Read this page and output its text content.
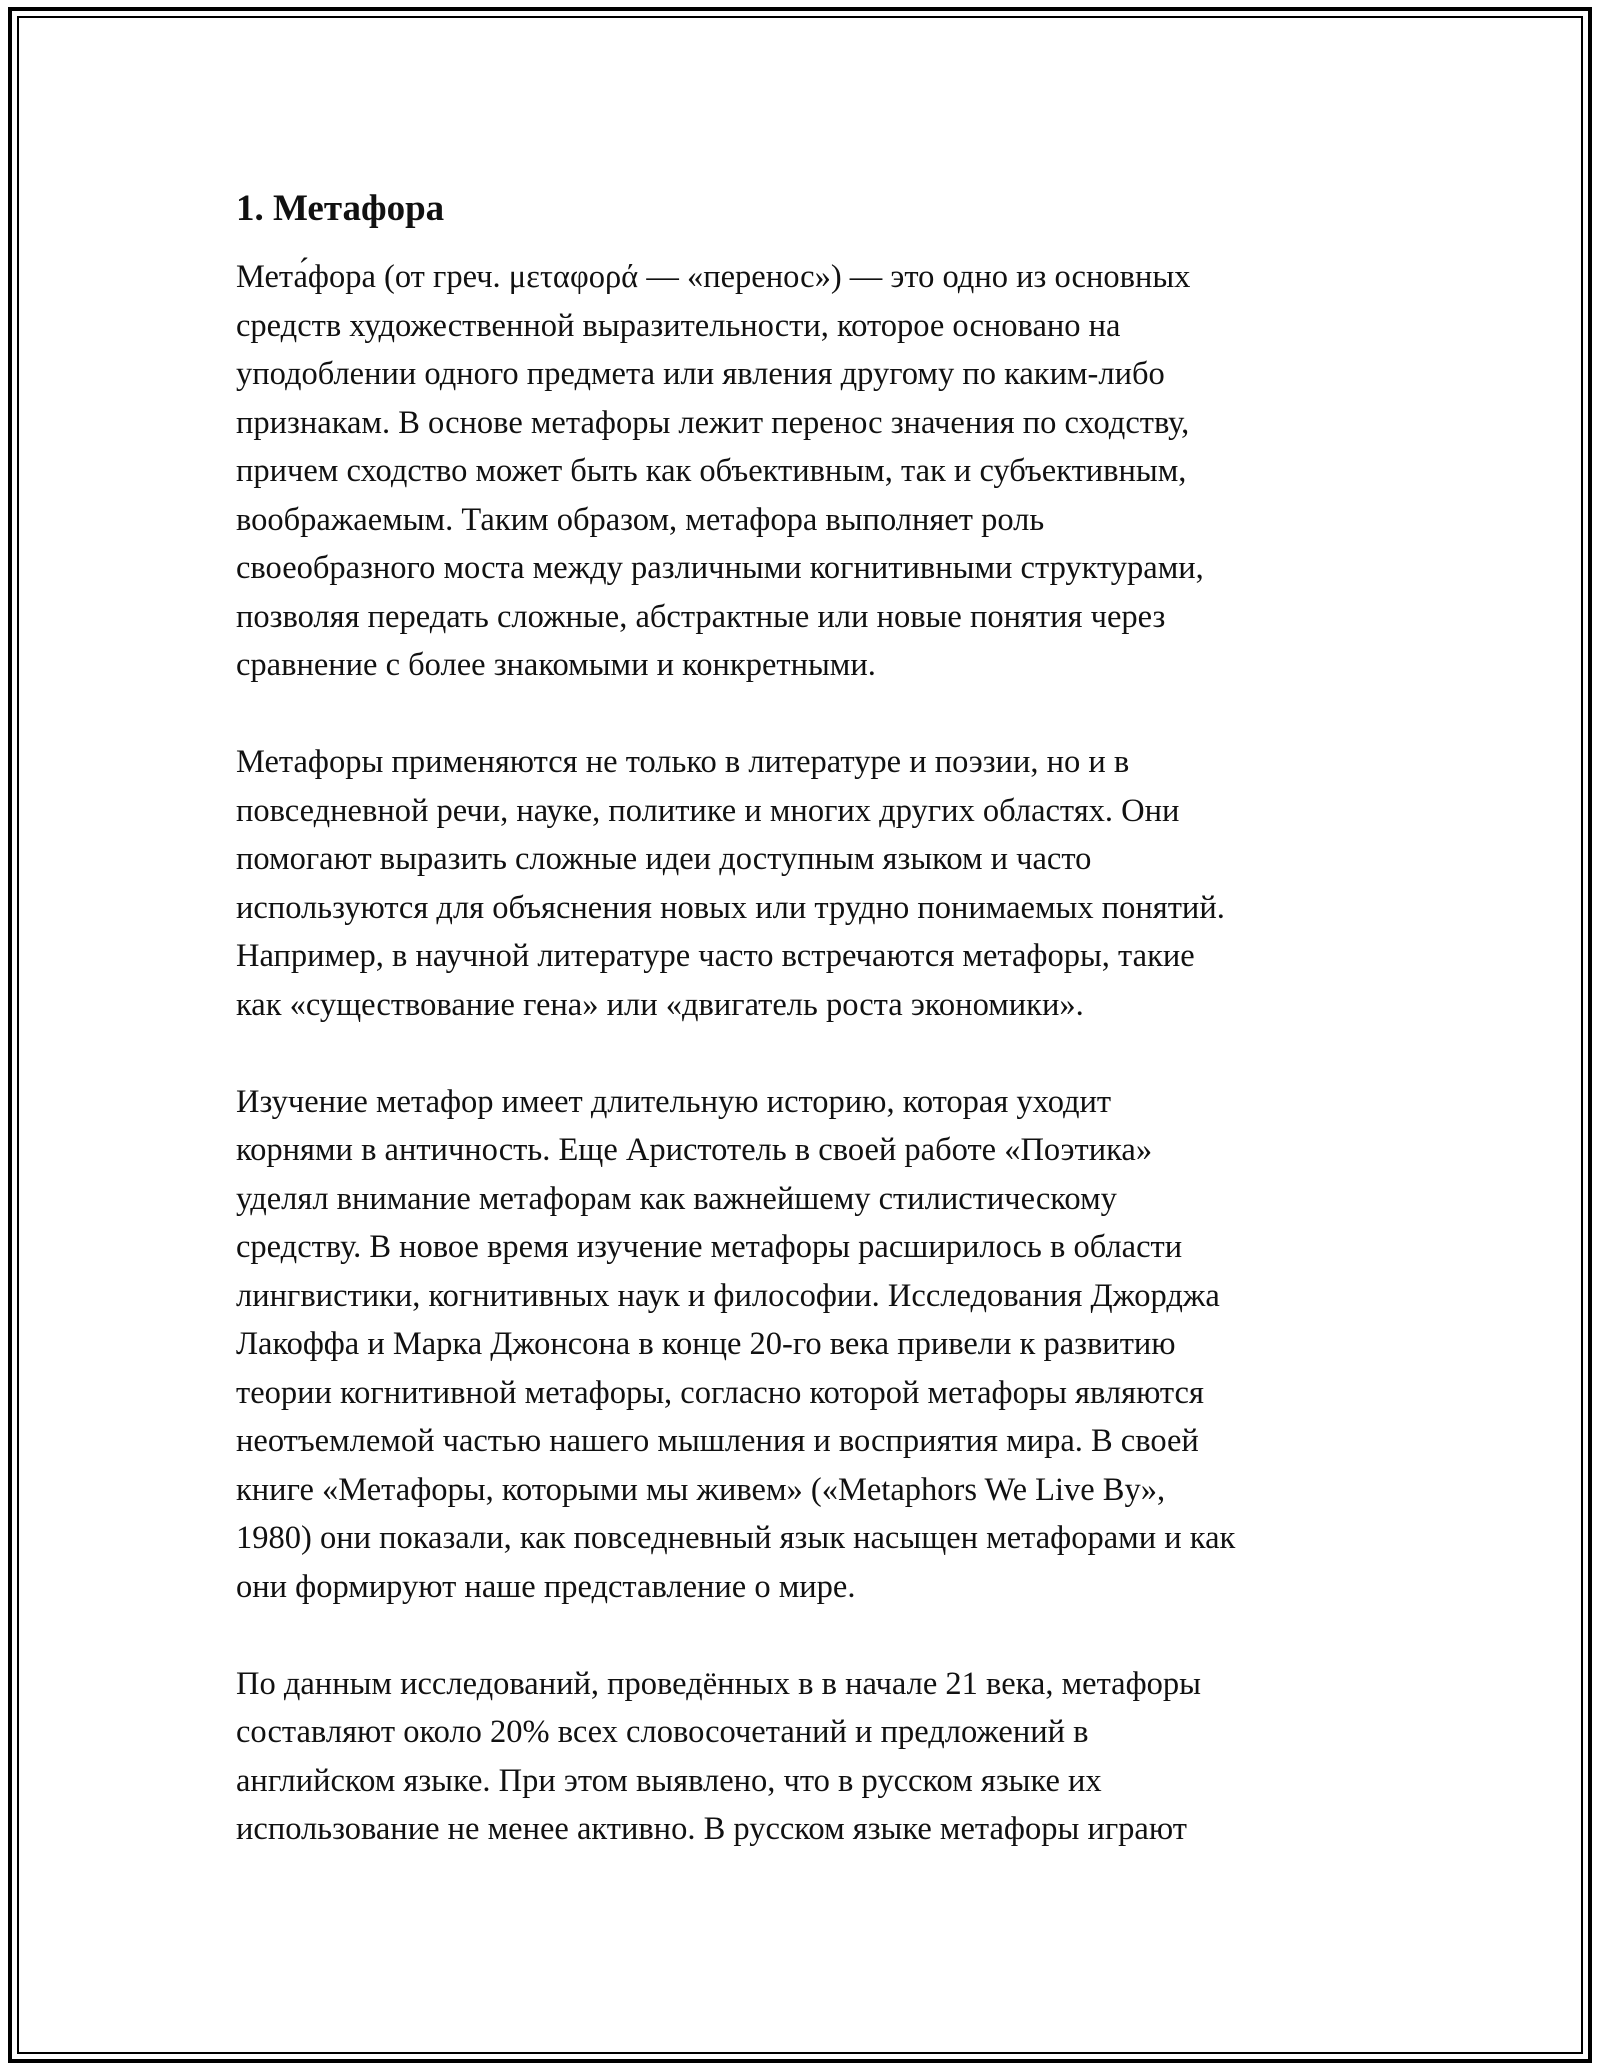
1. Метафора

Мета́фора (от греч. μεταφορά — «перенос») — это одно из основных
средств художественной выразительности, которое основано на
уподоблении одного предмета или явления другому по каким-либо
признакам. В основе метафоры лежит перенос значения по сходству,
причем сходство может быть как объективным, так и субъективным,
воображаемым. Таким образом, метафора выполняет роль
своеобразного моста между различными когнитивными структурами,
позволяя передать сложные, абстрактные или новые понятия через
сравнение с более знакомыми и конкретными.

Метафоры применяются не только в литературе и поэзии, но и в
повседневной речи, науке, политике и многих других областях. Они
помогают выразить сложные идеи доступным языком и часто
используются для объяснения новых или трудно понимаемых понятий.
Например, в научной литературе часто встречаются метафоры, такие
как «существование гена» или «двигатель роста экономики».

Изучение метафор имеет длительную историю, которая уходит
корнями в античность. Еще Аристотель в своей работе «Поэтика»
уделял внимание метафорам как важнейшему стилистическому
средству. В новое время изучение метафоры расширилось в области
лингвистики, когнитивных наук и философии. Исследования Джорджа
Лакоффа и Марка Джонсона в конце 20-го века привели к развитию
теории когнитивной метафоры, согласно которой метафоры являются
неотъемлемой частью нашего мышления и восприятия мира. В своей
книге «Метафоры, которыми мы живем» («Metaphors We Live By»,
1980) они показали, как повседневный язык насыщен метафорами и как
они формируют наше представление о мире.

По данным исследований, проведённых в в начале 21 века, метафоры
составляют около 20% всех словосочетаний и предложений в
английском языке. При этом выявлено, что в русском языке их
использование не менее активно. В русском языке метафоры играют
